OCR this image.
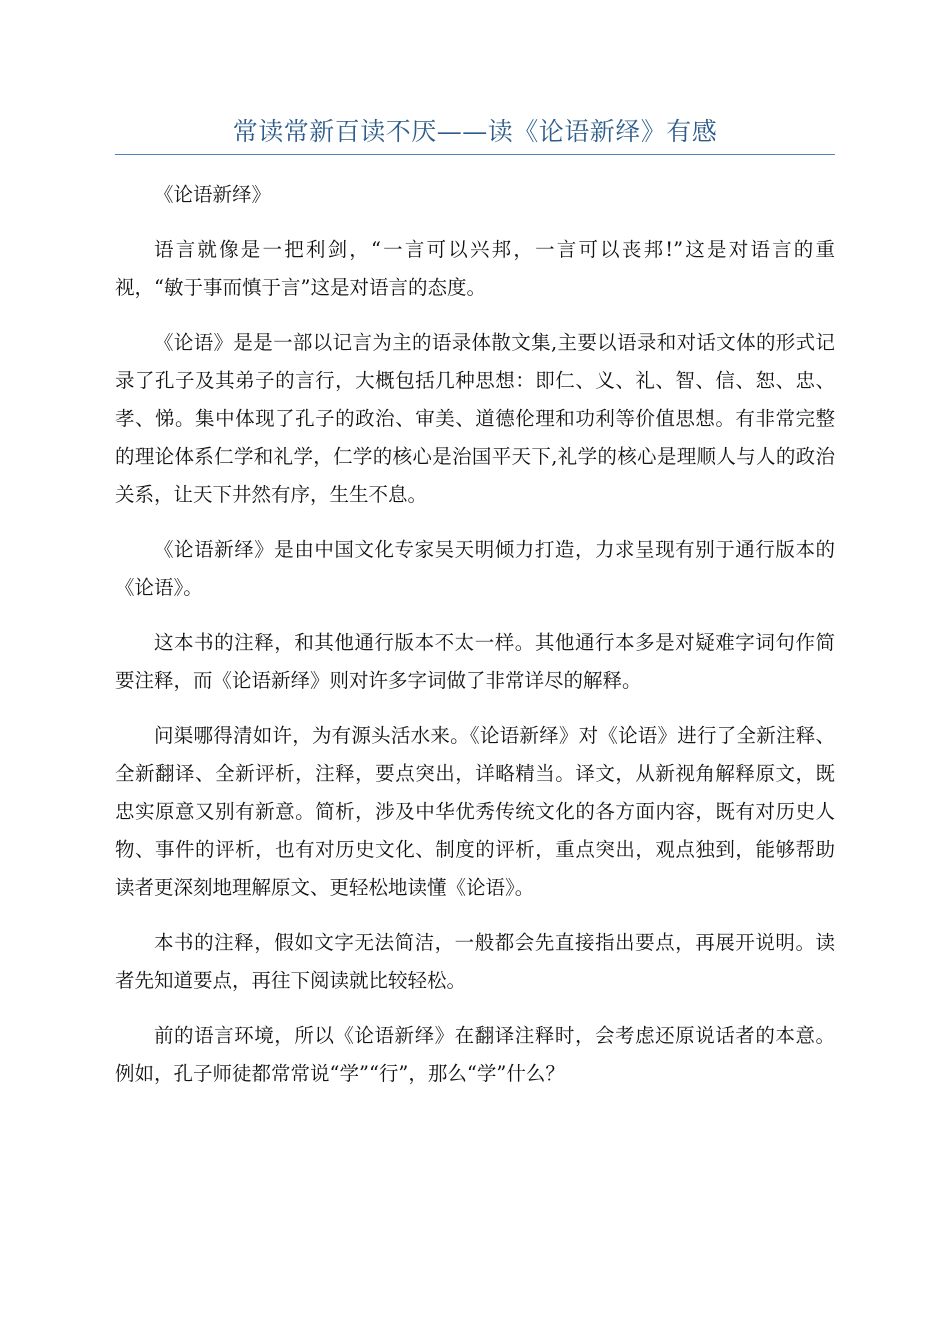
常读常新百读不厌——读《论语新绎》有感

《论语新绎》

语言就像是一把利剑，“一言可以兴邦，一言可以丧邦!”这是对语言的重视，“敏于事而慎于言”这是对语言的态度。

《论语》是是一部以记言为主的语录体散文集,主要以语录和对话文体的形式记录了孔子及其弟子的言行，大概包括几种思想：即仁、义、礼、智、信、恕、忠、孝、悌。集中体现了孔子的政治、审美、道德伦理和功利等价值思想。有非常完整的理论体系仁学和礼学，仁学的核心是治国平天下,礼学的核心是理顺人与人的政治关系，让天下井然有序，生生不息。

《论语新绎》是由中国文化专家吴天明倾力打造，力求呈现有别于通行版本的《论语》。

这本书的注释，和其他通行版本不太一样。其他通行本多是对疑难字词句作简要注释，而《论语新绎》则对许多字词做了非常详尽的解释。

问渠哪得清如许，为有源头活水来。《论语新绎》对《论语》进行了全新注释、全新翻译、全新评析，注释，要点突出，详略精当。译文，从新视角解释原文，既忠实原意又别有新意。简析，涉及中华优秀传统文化的各方面内容，既有对历史人物、事件的评析，也有对历史文化、制度的评析，重点突出，观点独到，能够帮助读者更深刻地理解原文、更轻松地读懂《论语》。

本书的注释，假如文字无法简洁，一般都会先直接指出要点，再展开说明。读者先知道要点，再往下阅读就比较轻松。

前的语言环境，所以《论语新绎》在翻译注释时，会考虑还原说话者的本意。例如，孔子师徒都常常说“学”“行”，那么“学”什么？
